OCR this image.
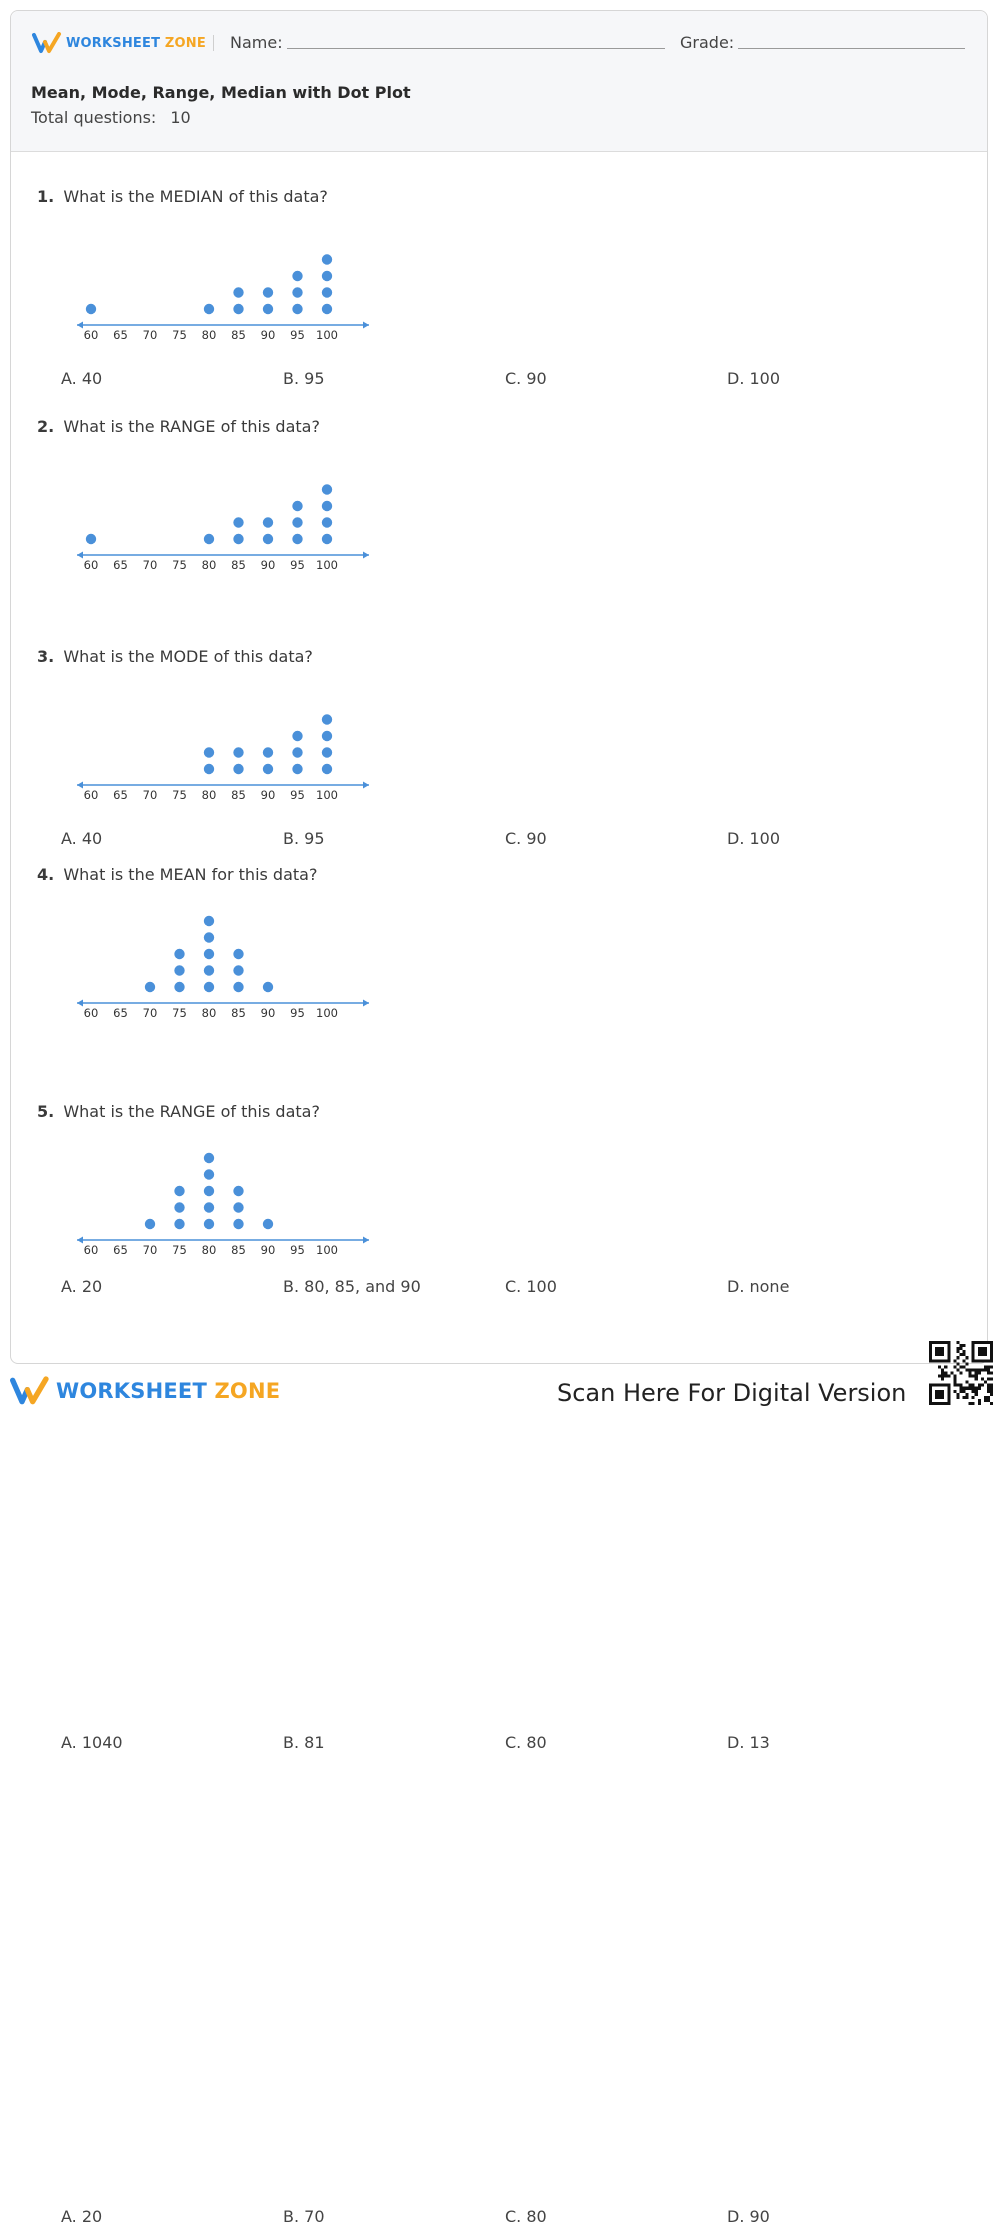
WORKSHEET ZONE Name:	Grade:
Mean, Mode, Range, Median with Dot Plot
Total questions: 10
1. What is the MEDIAN of this data?
60 65 70 75 80 85 90 95 100
A. 40	B. 95	C. 90	D. 100
2. What is the RANGE of this data?
60 65 70 75 80 85 90 95 100
A. 40	B. 95	C. 90	D. 100
3. What is the MODE of this data?
60 65 70 75 80 85 90 95 100
A. 20	B. 80, 85, and 90	C. 100	D. none
4. What is the MEAN for this data?
60 65 70 75 80 85 90 95 100
A. 1040	B. 81	C. 80	D. 13
5. What is the RANGE of this data?
60 65 70 75 80 85 90 95 100
A. 20	B. 70	C. 80	D. 90
WORKSHEET ZONE	Scan Here For Digital Version
